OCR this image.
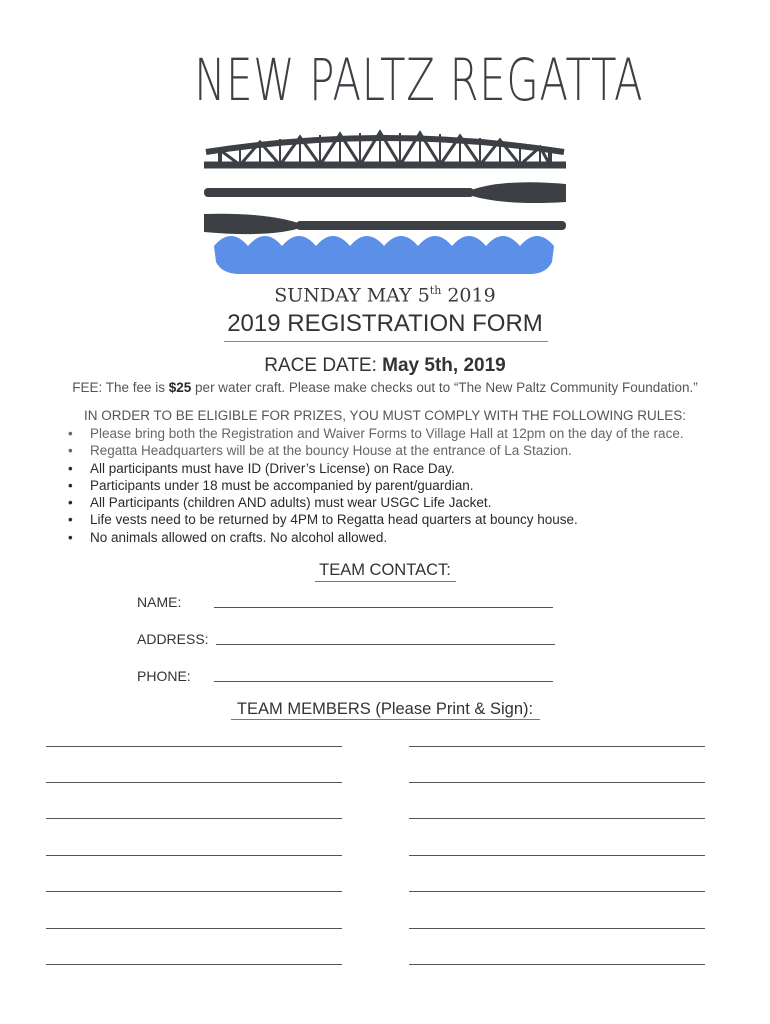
NEW PALTZ REGATTA
SUNDAY MAY 5th 2019
2019 REGISTRATION FORM
RACE DATE: May 5th, 2019
FEE: The fee is $25 per water craft. Please make checks out to “The New Paltz Community Foundation.”
IN ORDER TO BE ELIGIBLE FOR PRIZES, YOU MUST COMPLY WITH THE FOLLOWING RULES:
• Please bring both the Registration and Waiver Forms to Village Hall at 12pm on the day of the race.
• Regatta Headquarters will be at the bouncy House at the entrance of La Stazion.
• All participants must have ID (Driver’s License) on Race Day.
• Participants under 18 must be accompanied by parent/guardian.
• All Participants (children AND adults) must wear USGC Life Jacket.
• Life vests need to be returned by 4PM to Regatta head quarters at bouncy house.
• No animals allowed on crafts. No alcohol allowed.
TEAM CONTACT:
NAME:
ADDRESS:
PHONE:
TEAM MEMBERS (Please Print & Sign):
